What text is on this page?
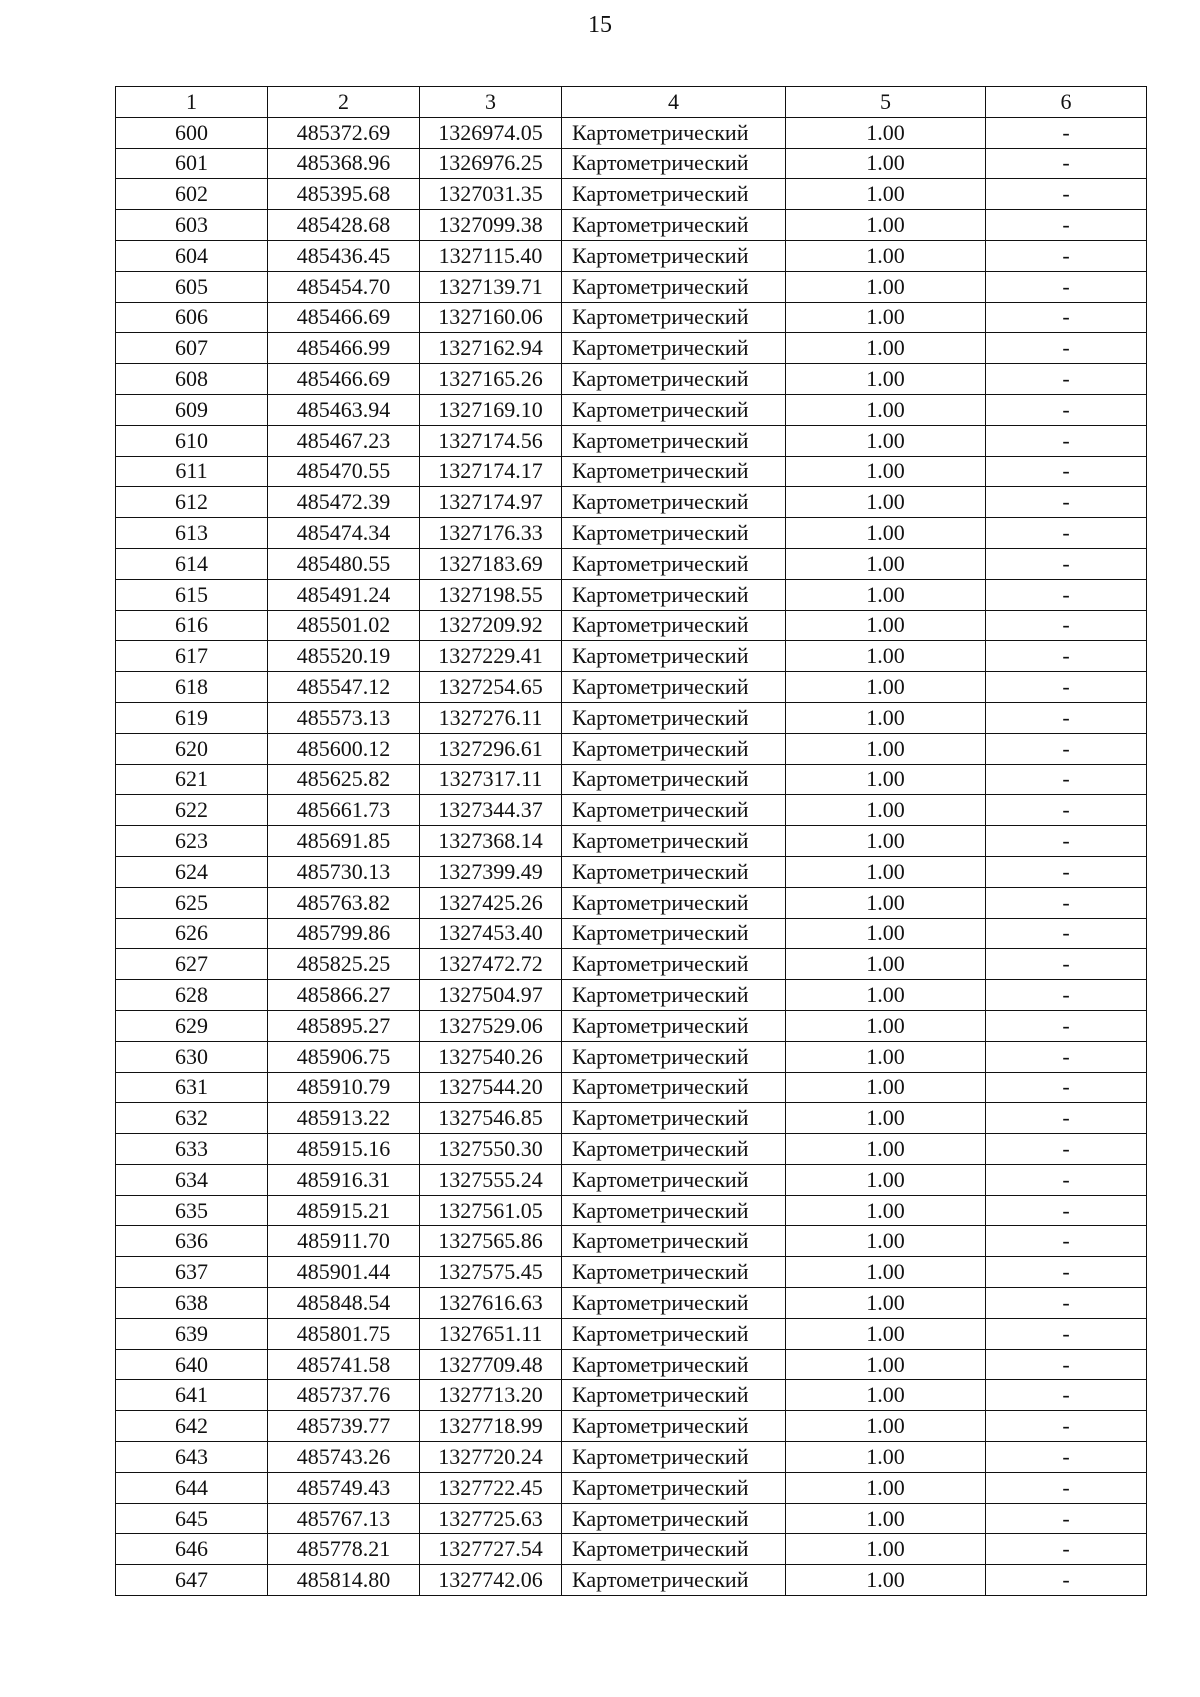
15
1	2	3	4	5	6
600	485372.69	1326974.05	Картометрический	1.00	-
601	485368.96	1326976.25	Картометрический	1.00	-
602	485395.68	1327031.35	Картометрический	1.00	-
603	485428.68	1327099.38	Картометрический	1.00	-
604	485436.45	1327115.40	Картометрический	1.00	-
605	485454.70	1327139.71	Картометрический	1.00	-
606	485466.69	1327160.06	Картометрический	1.00	-
607	485466.99	1327162.94	Картометрический	1.00	-
608	485466.69	1327165.26	Картометрический	1.00	-
609	485463.94	1327169.10	Картометрический	1.00	-
610	485467.23	1327174.56	Картометрический	1.00	-
611	485470.55	1327174.17	Картометрический	1.00	-
612	485472.39	1327174.97	Картометрический	1.00	-
613	485474.34	1327176.33	Картометрический	1.00	-
614	485480.55	1327183.69	Картометрический	1.00	-
615	485491.24	1327198.55	Картометрический	1.00	-
616	485501.02	1327209.92	Картометрический	1.00	-
617	485520.19	1327229.41	Картометрический	1.00	-
618	485547.12	1327254.65	Картометрический	1.00	-
619	485573.13	1327276.11	Картометрический	1.00	-
620	485600.12	1327296.61	Картометрический	1.00	-
621	485625.82	1327317.11	Картометрический	1.00	-
622	485661.73	1327344.37	Картометрический	1.00	-
623	485691.85	1327368.14	Картометрический	1.00	-
624	485730.13	1327399.49	Картометрический	1.00	-
625	485763.82	1327425.26	Картометрический	1.00	-
626	485799.86	1327453.40	Картометрический	1.00	-
627	485825.25	1327472.72	Картометрический	1.00	-
628	485866.27	1327504.97	Картометрический	1.00	-
629	485895.27	1327529.06	Картометрический	1.00	-
630	485906.75	1327540.26	Картометрический	1.00	-
631	485910.79	1327544.20	Картометрический	1.00	-
632	485913.22	1327546.85	Картометрический	1.00	-
633	485915.16	1327550.30	Картометрический	1.00	-
634	485916.31	1327555.24	Картометрический	1.00	-
635	485915.21	1327561.05	Картометрический	1.00	-
636	485911.70	1327565.86	Картометрический	1.00	-
637	485901.44	1327575.45	Картометрический	1.00	-
638	485848.54	1327616.63	Картометрический	1.00	-
639	485801.75	1327651.11	Картометрический	1.00	-
640	485741.58	1327709.48	Картометрический	1.00	-
641	485737.76	1327713.20	Картометрический	1.00	-
642	485739.77	1327718.99	Картометрический	1.00	-
643	485743.26	1327720.24	Картометрический	1.00	-
644	485749.43	1327722.45	Картометрический	1.00	-
645	485767.13	1327725.63	Картометрический	1.00	-
646	485778.21	1327727.54	Картометрический	1.00	-
647	485814.80	1327742.06	Картометрический	1.00	-
